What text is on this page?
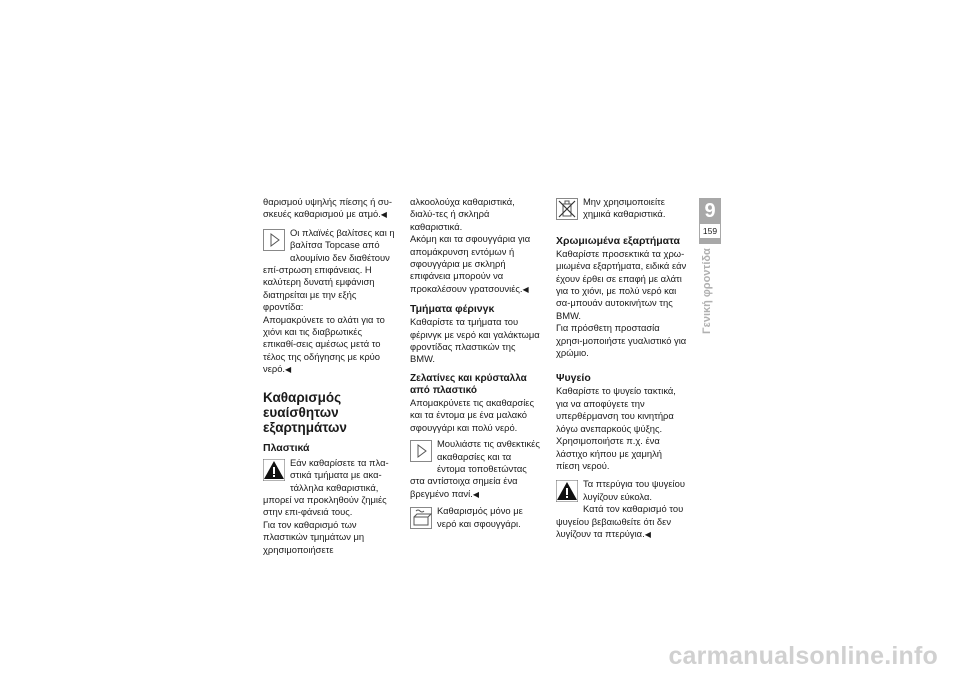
θαρισμού υψηλής πίεσης ή συ-σκευές καθαρισμού με ατμό.◀

Οι πλαϊνές βαλίτσες και η βαλίτσα Topcase από αλουμίνιο δεν διαθέτουν επί-στρωση επιφάνειας. Η καλύτερη δυνατή εμφάνιση διατηρείται με την εξής φροντίδα:

Απομακρύνετε το αλάτι για το χιόνι και τις διαβρωτικές επικαθί-σεις αμέσως μετά το τέλος της οδήγησης με κρύο νερό.◀

Καθαρισμός ευαίσθητων εξαρτημάτων

Πλαστικά

Εάν καθαρίσετε τα πλα-στικά τμήματα με ακα-τάλληλα καθαριστικά, μπορεί να προκληθούν ζημιές στην επι-φάνειά τους.

Για τον καθαρισμό των πλαστικών τμημάτων μη χρησιμοποιήσετε

αλκοολούχα καθαριστικά, διαλύ-τες ή σκληρά καθαριστικά.

Ακόμη και τα σφουγγάρια για απομάκρυνση εντόμων ή σφουγγάρια με σκληρή επιφάνεια μπορούν να προκαλέσουν γρατσουνιές.◀

Τμήματα φέρινγκ

Καθαρίστε τα τμήματα του φέρινγκ με νερό και γαλάκτωμα φροντίδας πλαστικών της BMW.

Ζελατίνες και κρύσταλλα από πλαστικό

Απομακρύνετε τις ακαθαρσίες και τα έντομα με ένα μαλακό σφουγγάρι και πολύ νερό.

Μουλιάστε τις ανθεκτικές ακαθαρσίες και τα έντομα τοποθετώντας στα αντίστοιχα σημεία ένα βρεγμένο πανί.◀
Καθαρισμός μόνο με νερό και σφουγγάρι.
Μην χρησιμοποιείτε χημικά καθαριστικά.

Χρωμιωμένα εξαρτήματα

Καθαρίστε προσεκτικά τα χρω-μιωμένα εξαρτήματα, ειδικά εάν έχουν έρθει σε επαφή με αλάτι για το χιόνι, με πολύ νερό και σα-μπουάν αυτοκινήτων της BMW.

Για πρόσθετη προστασία χρησι-μοποιήστε γυαλιστικό για χρώμιο.

Ψυγείο

Καθαρίστε το ψυγείο τακτικά, για να αποφύγετε την υπερθέρμανση του κινητήρα λόγω ανεπαρκούς ψύξης.

Χρησιμοποιήστε π.χ. ένα λάστιχο κήπου με χαμηλή πίεση νερού.

Τα πτερύγια του ψυγείου λυγίζουν εύκολα.

Κατά τον καθαρισμό του ψυγείου βεβαιωθείτε ότι δεν λυγίζουν τα πτερύγια.◀

9
159
Γενική φροντίδα
carmanualsonline.info
